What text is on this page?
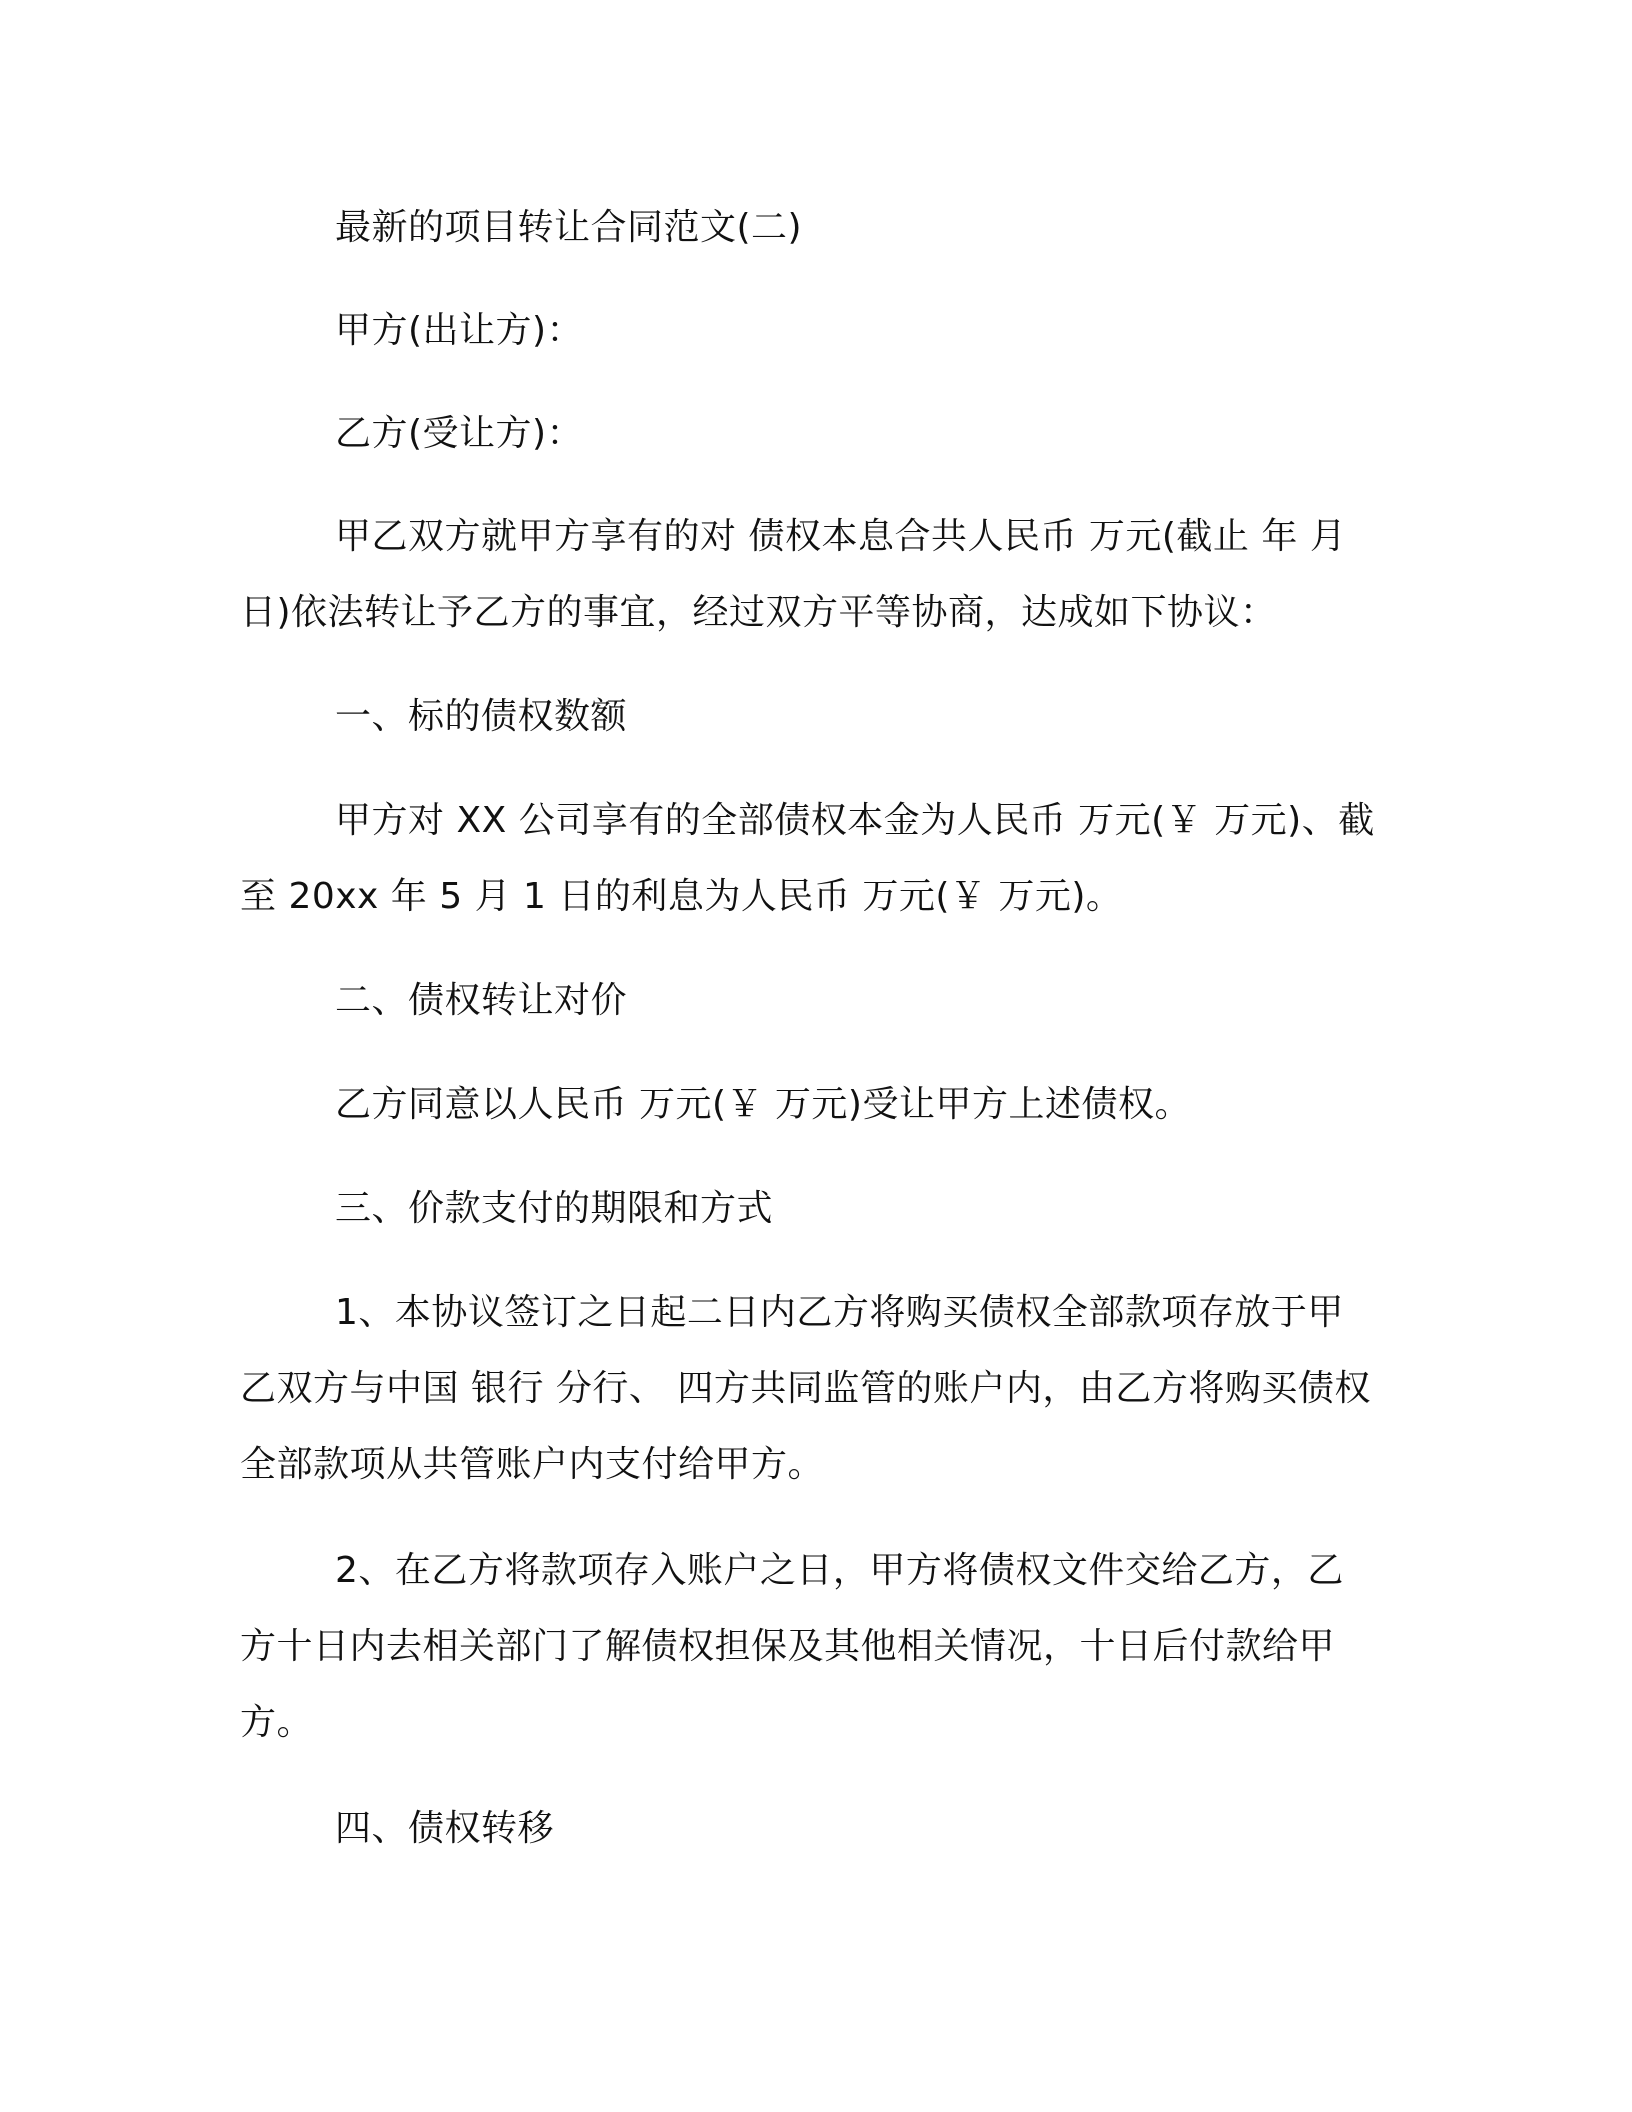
最新的项目转让合同范文(二)

甲方(出让方)：

乙方(受让方)：

甲乙双方就甲方享有的对 债权本息合共人民币 万元(截止 年 月 日)依法转让予乙方的事宜，经过双方平等协商，达成如下协议：

一、标的债权数额

甲方对 XX 公司享有的全部债权本金为人民币 万元(￥ 万元)、截至 20xx 年 5 月 1 日的利息为人民币 万元(￥ 万元)。

二、债权转让对价

乙方同意以人民币 万元(￥ 万元)受让甲方上述债权。

三、价款支付的期限和方式

1、本协议签订之日起二日内乙方将购买债权全部款项存放于甲乙双方与中国 银行 分行、 四方共同监管的账户内，由乙方将购买债权全部款项从共管账户内支付给甲方。

2、在乙方将款项存入账户之日，甲方将债权文件交给乙方，乙方十日内去相关部门了解债权担保及其他相关情况，十日后付款给甲方。

四、债权转移
